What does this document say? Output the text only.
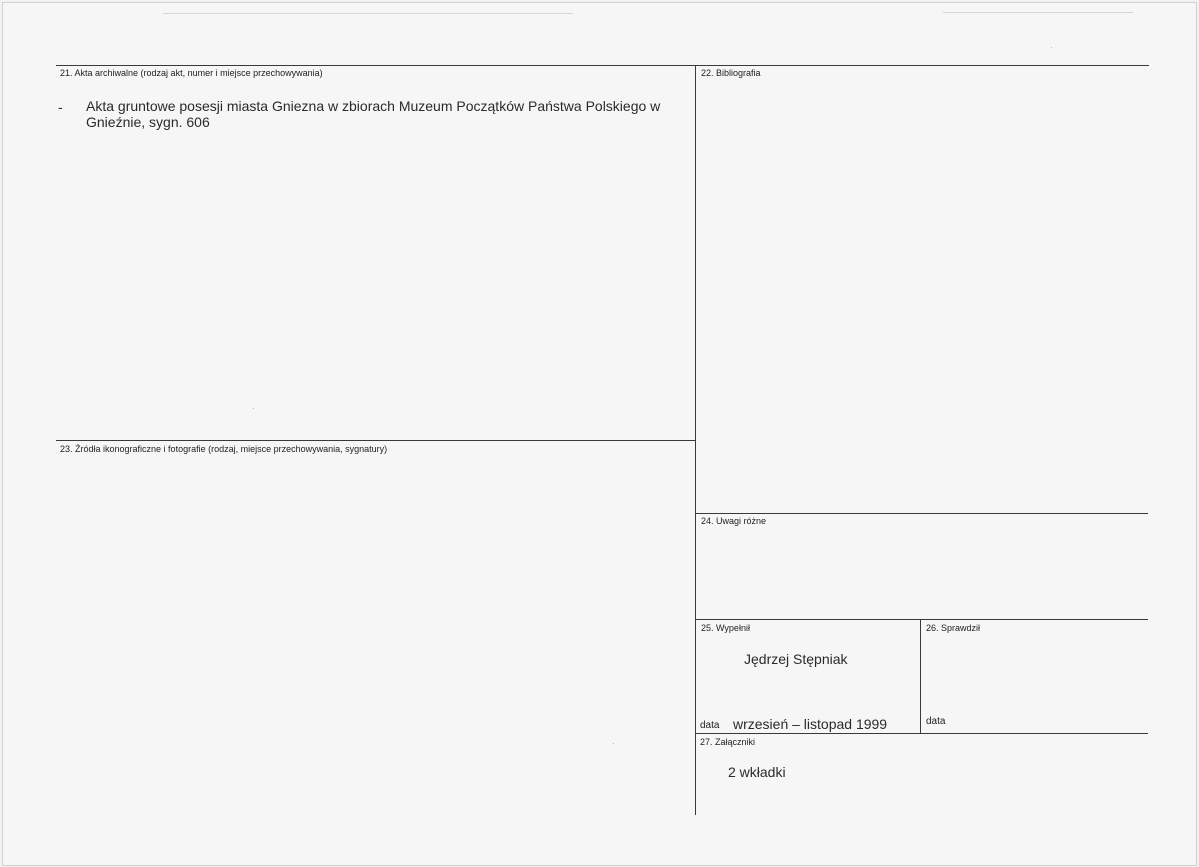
21. Akta archiwalne (rodzaj akt, numer i miejsce przechowywania)
- Akta gruntowe posesji miasta Gniezna w zbiorach Muzeum Początków Państwa Polskiego w
Gnieźnie, sygn. 606
22. Bibliografia
23. Źródła ikonograficzne i fotografie (rodzaj, miejsce przechowywania, sygnatury)
24. Uwagi różne
25. Wypełnił
Jędrzej Stępniak
data wrzesień – listopad 1999
26. Sprawdził
data
27. Załączniki
2 wkładki
